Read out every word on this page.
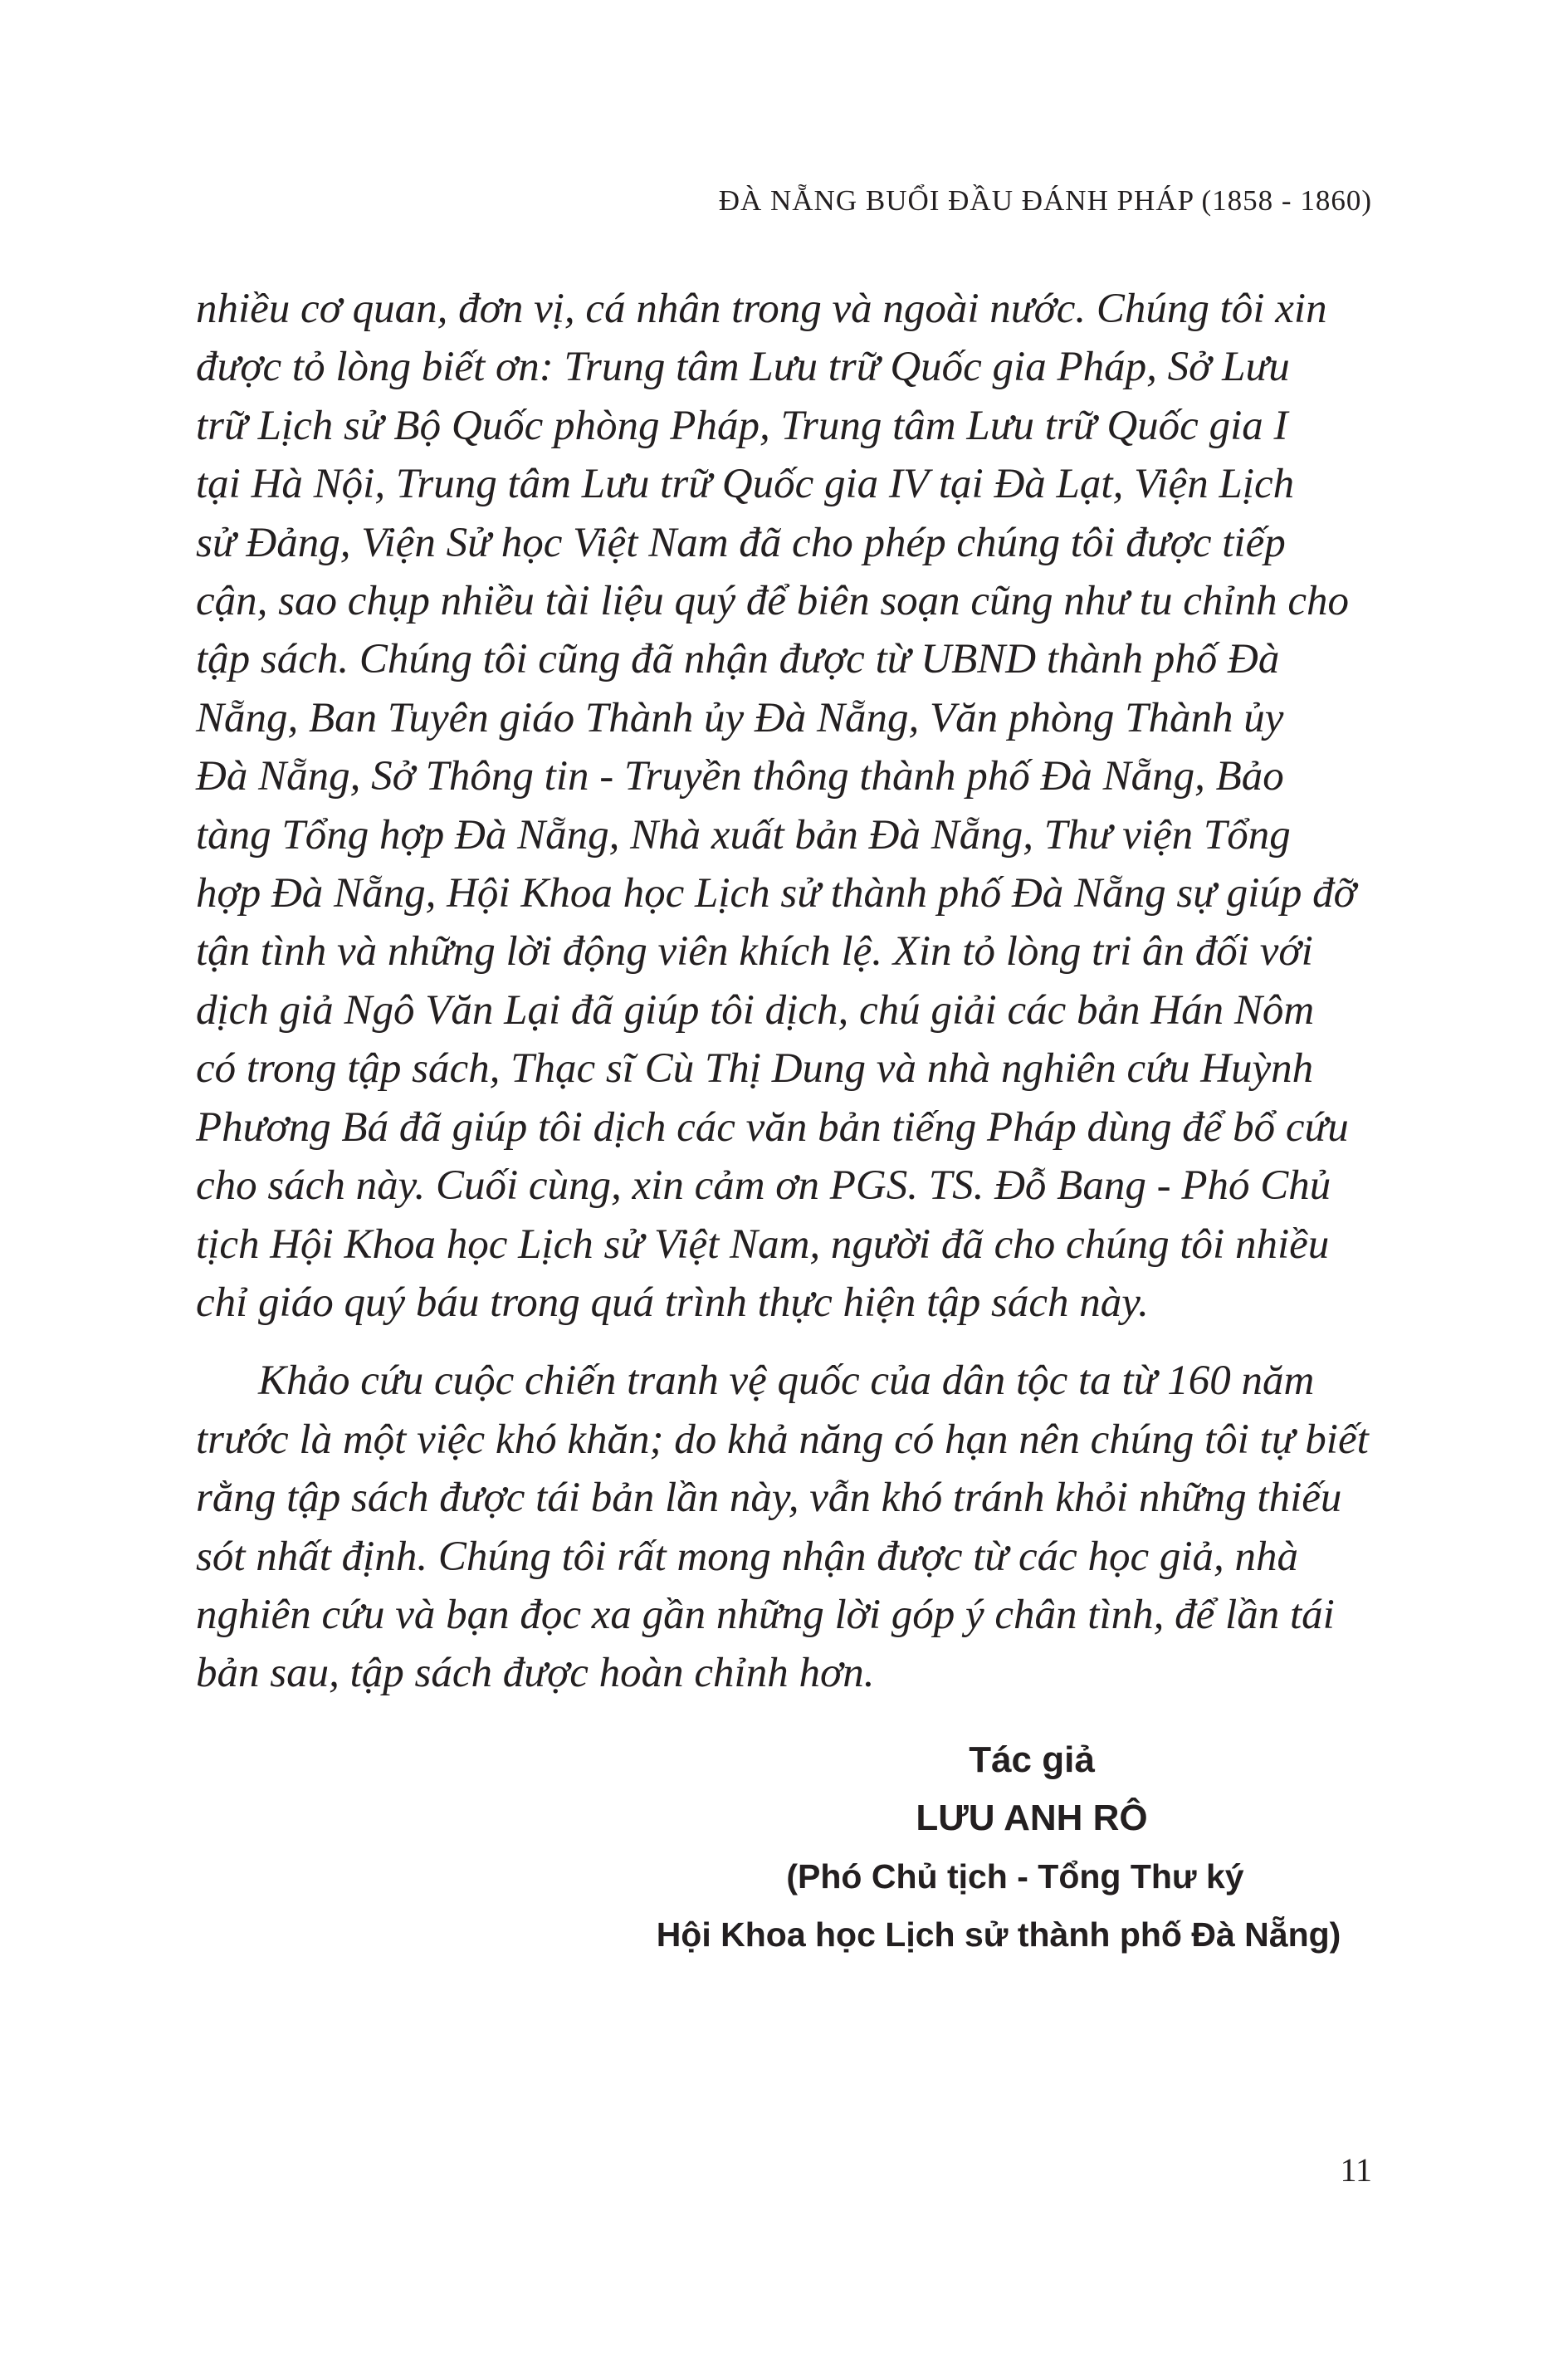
ĐÀ NẴNG BUỔI ĐẦU ĐÁNH PHÁP (1858 - 1860)
nhiều cơ quan, đơn vị, cá nhân trong và ngoài nước. Chúng tôi xin
được tỏ lòng biết ơn: Trung tâm Lưu trữ Quốc gia Pháp, Sở Lưu
trữ Lịch sử Bộ Quốc phòng Pháp, Trung tâm Lưu trữ Quốc gia I
tại Hà Nội, Trung tâm Lưu trữ Quốc gia IV tại Đà Lạt, Viện Lịch
sử Đảng, Viện Sử học Việt Nam đã cho phép chúng tôi được tiếp
cận, sao chụp nhiều tài liệu quý để biên soạn cũng như tu chỉnh cho
tập sách. Chúng tôi cũng đã nhận được từ UBND thành phố Đà
Nẵng, Ban Tuyên giáo Thành ủy Đà Nẵng, Văn phòng Thành ủy
Đà Nẵng, Sở Thông tin - Truyền thông thành phố Đà Nẵng, Bảo
tàng Tổng hợp Đà Nẵng, Nhà xuất bản Đà Nẵng, Thư viện Tổng
hợp Đà Nẵng, Hội Khoa học Lịch sử thành phố Đà Nẵng sự giúp đỡ
tận tình và những lời động viên khích lệ. Xin tỏ lòng tri ân đối với
dịch giả Ngô Văn Lại đã giúp tôi dịch, chú giải các bản Hán Nôm
có trong tập sách, Thạc sĩ Cù Thị Dung và nhà nghiên cứu Huỳnh
Phương Bá đã giúp tôi dịch các văn bản tiếng Pháp dùng để bổ cứu
cho sách này. Cuối cùng, xin cảm ơn PGS. TS. Đỗ Bang - Phó Chủ
tịch Hội Khoa học Lịch sử Việt Nam, người đã cho chúng tôi nhiều
chỉ giáo quý báu trong quá trình thực hiện tập sách này.
Khảo cứu cuộc chiến tranh vệ quốc của dân tộc ta từ 160 năm
trước là một việc khó khăn; do khả năng có hạn nên chúng tôi tự biết
rằng tập sách được tái bản lần này, vẫn khó tránh khỏi những thiếu
sót nhất định. Chúng tôi rất mong nhận được từ các học giả, nhà
nghiên cứu và bạn đọc xa gần những lời góp ý chân tình, để lần tái
bản sau, tập sách được hoàn chỉnh hơn.
Tác giả
LƯU ANH RÔ
(Phó Chủ tịch - Tổng Thư ký
Hội Khoa học Lịch sử thành phố Đà Nẵng)
11
